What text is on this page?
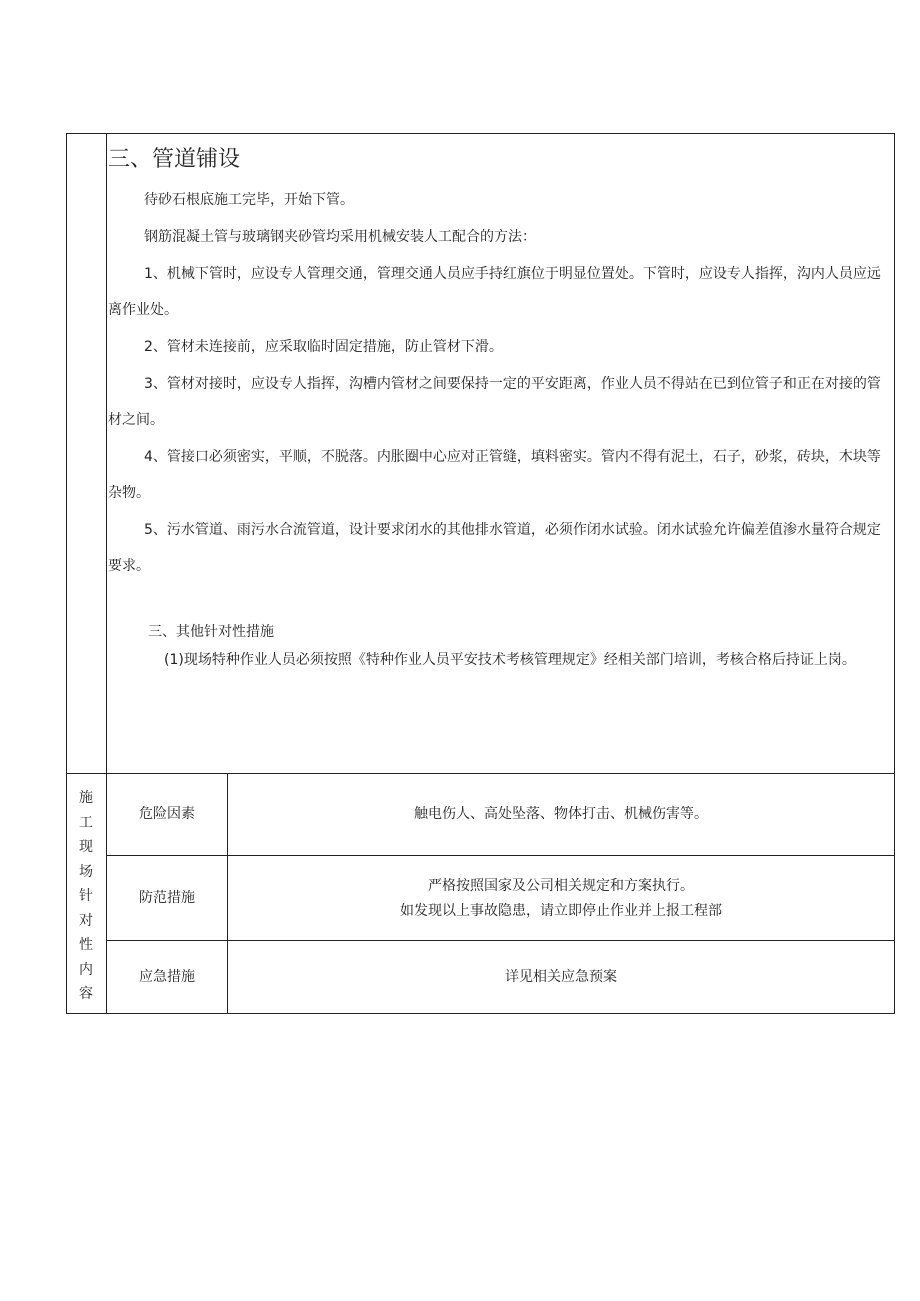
三、管道铺设
待砂石根底施工完毕，开始下管。
钢筋混凝土管与玻璃钢夹砂管均采用机械安装人工配合的方法：
1、机械下管时，应设专人管理交通，管理交通人员应手持红旗位于明显位置处。下管时，应设专人指挥，沟内人员应远离作业处。
2、管材未连接前，应采取临时固定措施，防止管材下滑。
3、管材对接时，应设专人指挥，沟槽内管材之间要保持一定的平安距离，作业人员不得站在已到位管子和正在对接的管材之间。
4、管接口必须密实，平顺，不脱落。内胀圈中心应对正管缝，填料密实。管内不得有泥土，石子，砂浆，砖块，木块等杂物。
5、污水管道、雨污水合流管道，设计要求闭水的其他排水管道，必须作闭水试验。闭水试验允许偏差值渗水量符合规定要求。
三、其他针对性措施
(1)现场特种作业人员必须按照《特种作业人员平安技术考核管理规定》经相关部门培训，考核合格后持证上岗。
施工现场针对性内容
危险因素	触电伤人、高处坠落、物体打击、机械伤害等。
防范措施
严格按照国家及公司相关规定和方案执行。
如发现以上事故隐患，请立即停止作业并上报工程部
应急措施	详见相关应急预案
